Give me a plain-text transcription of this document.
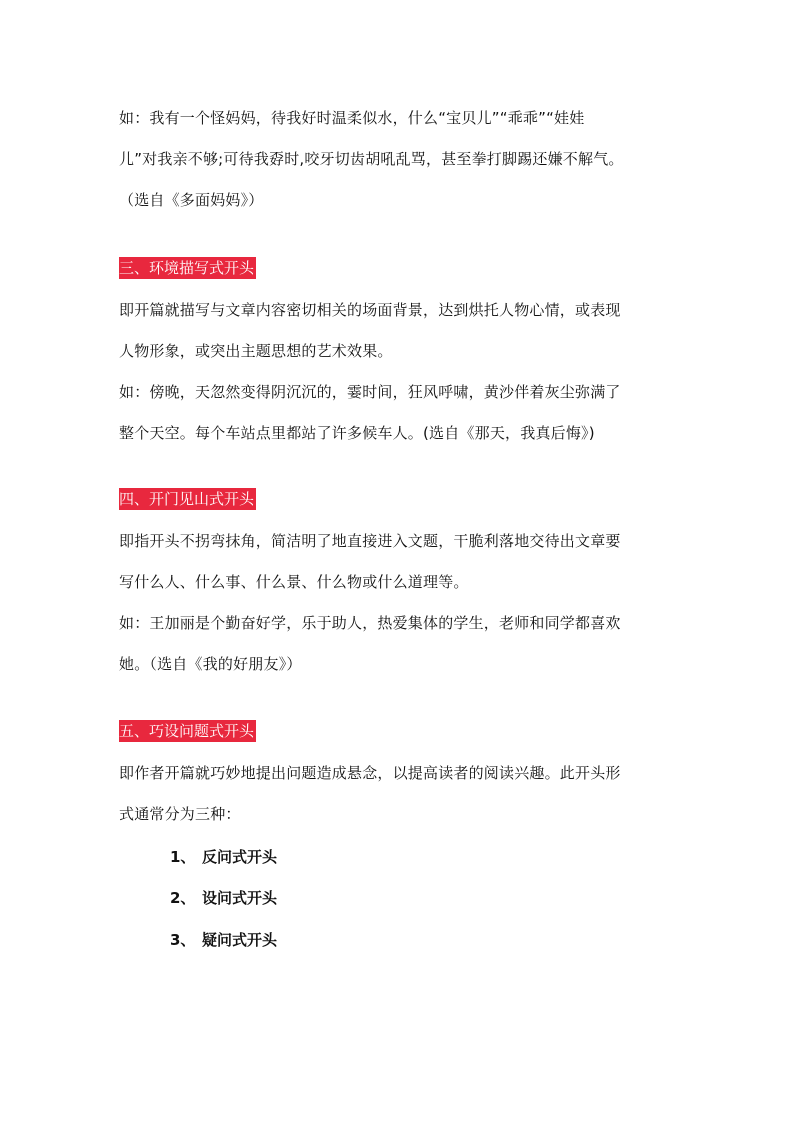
如：我有一个怪妈妈，待我好时温柔似水，什么“宝贝儿”“乖乖”“娃娃
儿”对我亲不够;可待我孬时,咬牙切齿胡吼乱骂，甚至拳打脚踢还嫌不解气。
（选自《多面妈妈》）
三、环境描写式开头
即开篇就描写与文章内容密切相关的场面背景，达到烘托人物心情，或表现
人物形象，或突出主题思想的艺术效果。
如：傍晚，天忽然变得阴沉沉的，霎时间，狂风呼啸，黄沙伴着灰尘弥满了
整个天空。每个车站点里都站了许多候车人。(选自《那天，我真后悔》)
四、开门见山式开头
即指开头不拐弯抹角，简洁明了地直接进入文题，干脆利落地交待出文章要
写什么人、什么事、什么景、什么物或什么道理等。
如：王加丽是个勤奋好学，乐于助人，热爱集体的学生，老师和同学都喜欢
她。（选自《我的好朋友》）
五、巧设问题式开头
即作者开篇就巧妙地提出问题造成悬念，以提高读者的阅读兴趣。此开头形
式通常分为三种：
1、 反问式开头
2、 设问式开头
3、 疑问式开头
